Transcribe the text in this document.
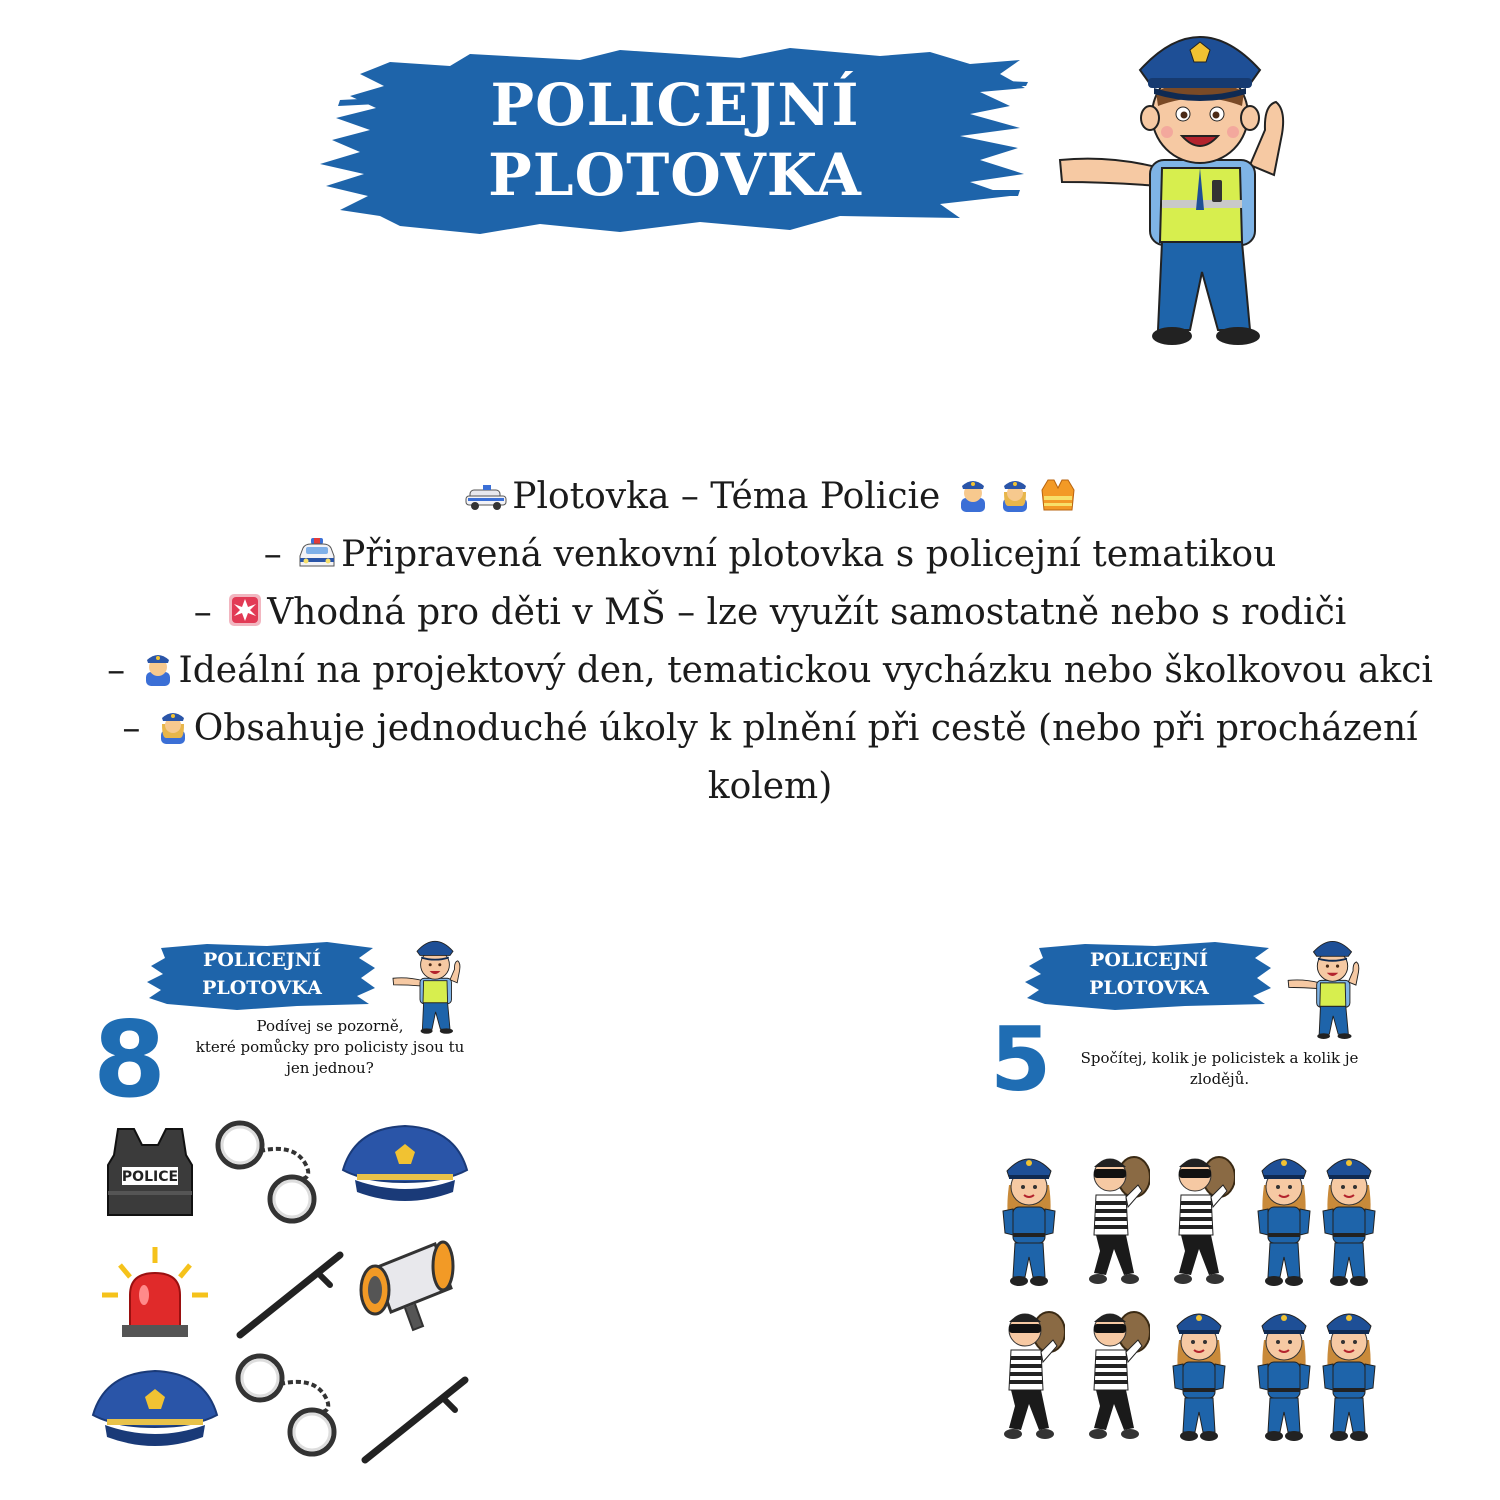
POLICEJNÍ
PLOTOVKA
Plotovka – Téma Policie
– Připravená venkovní plotovka s policejní tematikou
– Vhodná pro děti v MŠ – lze využít samostatně nebo s rodiči
– Ideální na projektový den, tematickou vycházku nebo školkovou akci
– Obsahuje jednoduché úkoly k plnění při cestě (nebo při procházení
kolem)
POLICEJNÍ
PLOTOVKA
8	Podívej se pozorně,
které pomůcky pro policisty jsou tu
jen jednou?
POLICE
POLICEJNÍ
PLOTOVKA
5	Spočítej, kolik je policistek a kolik je
zlodějů.
